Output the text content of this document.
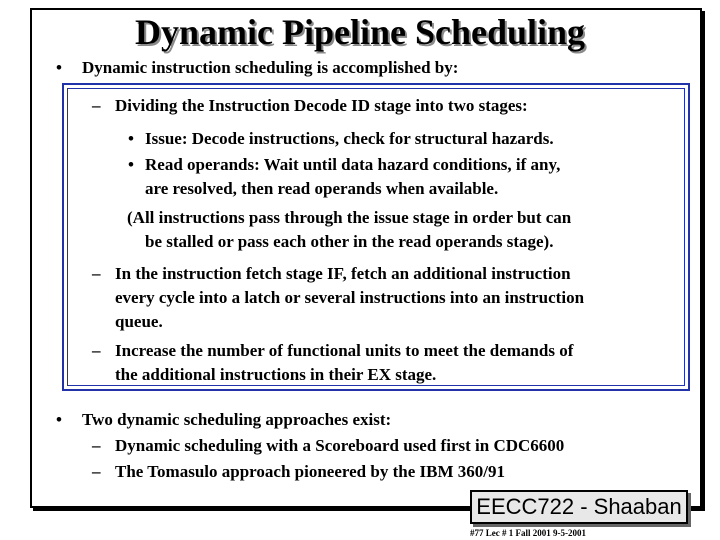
Dynamic Pipeline Scheduling
• Dynamic instruction scheduling is accomplished by:
– Dividing the Instruction Decode ID stage into two stages:
• Issue: Decode instructions, check for structural hazards.
• Read operands: Wait until data hazard conditions, if any,
are resolved, then read operands when available.
(All instructions pass through the issue stage in order but can
be stalled or pass each other in the read operands stage).
– In the instruction fetch stage IF, fetch an additional instruction
every cycle into a latch or several instructions into an instruction
queue.
– Increase the number of functional units to meet the demands of
the additional instructions in their EX stage.
• Two dynamic scheduling approaches exist:
– Dynamic scheduling with a Scoreboard used first in CDC6600
– The Tomasulo approach pioneered by the IBM 360/91
EECC722 - Shaaban
#77 Lec # 1 Fall 2001 9-5-2001
